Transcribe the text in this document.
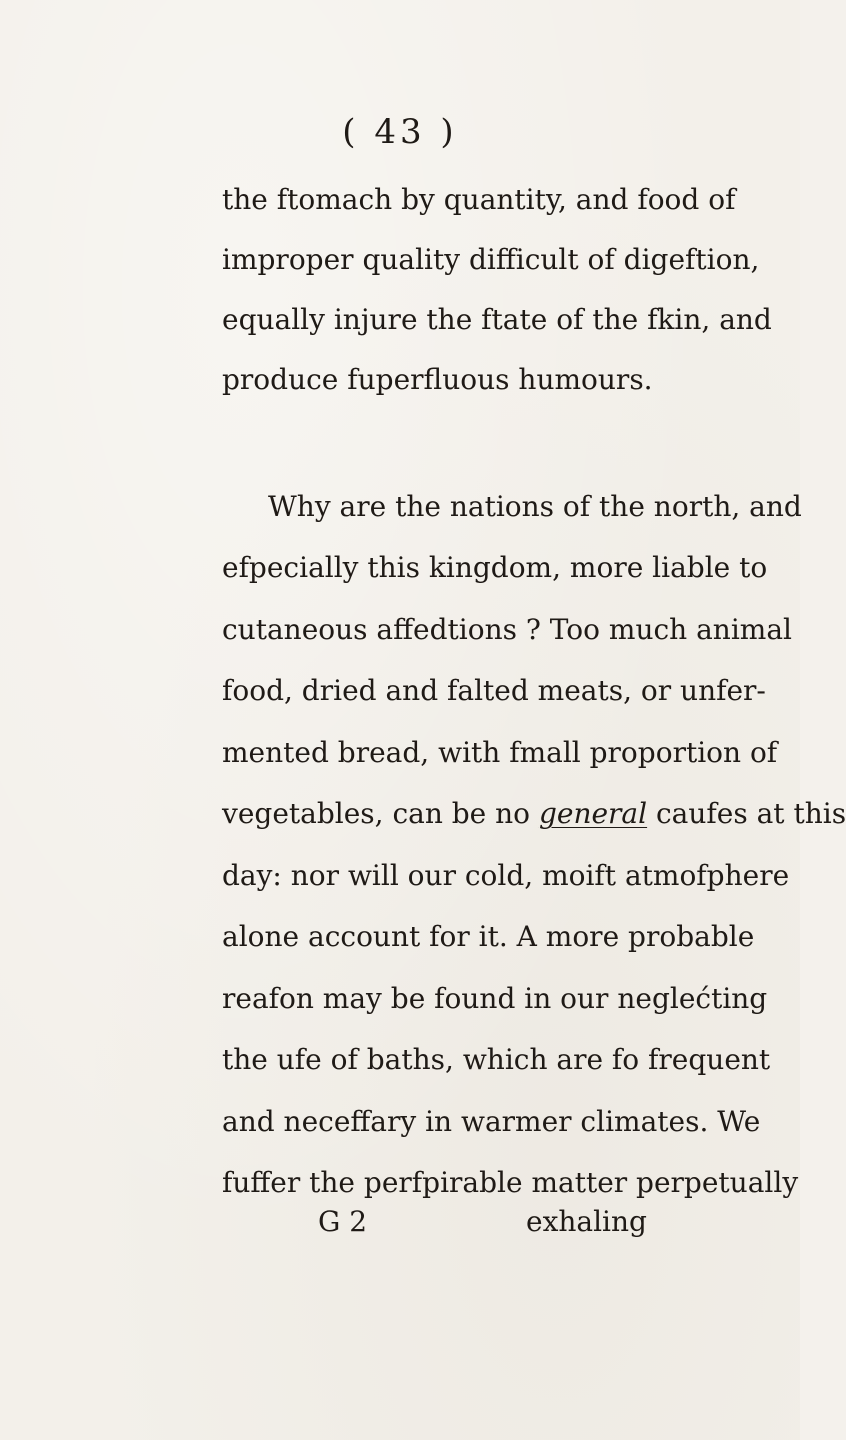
( 43 )
the ftomach by quantity, and food of
improper quality difficult of digeftion,
equally injure the ftate of the fkin, and
produce fuperfluous humours.
Why are the nations of the north, and
efpecially this kingdom, more liable to
cutaneous affedtions ? Too much animal
food, dried and falted meats, or unfer-
mented bread, with fmall proportion of
vegetables, can be no general caufes at this
day: nor will our cold, moift atmofphere
alone account for it. A more probable
reafon may be found in our neglećting
the ufe of baths, which are fo frequent
and neceffary in warmer climates. We
fuffer the perfpirable matter perpetually
G 2	exhaling
